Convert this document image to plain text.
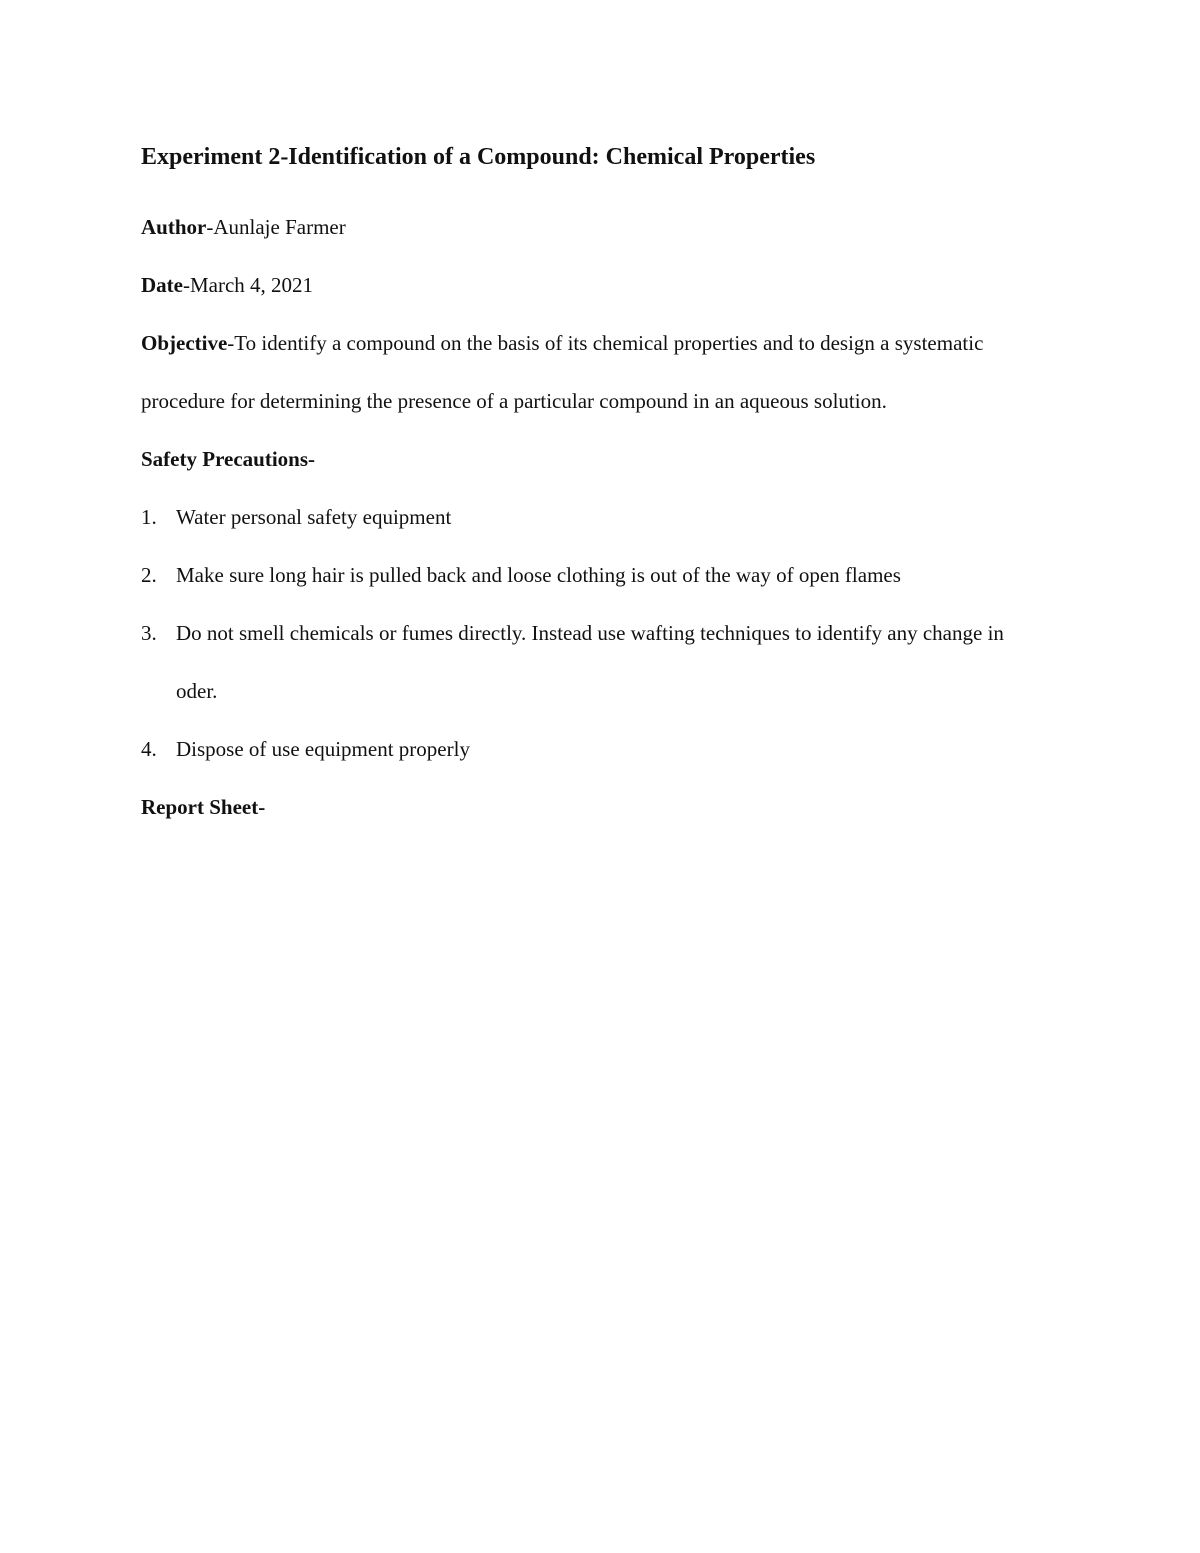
Experiment 2-Identification of a Compound: Chemical Properties

Author-Aunlaje Farmer

Date-March 4, 2021

Objective-To identify a compound on the basis of its chemical properties and to design a systematic procedure for determining the presence of a particular compound in an aqueous solution.

Safety Precautions-

1. Water personal safety equipment
2. Make sure long hair is pulled back and loose clothing is out of the way of open flames
3. Do not smell chemicals or fumes directly. Instead use wafting techniques to identify any change in oder.
4. Dispose of use equipment properly

Report Sheet-
